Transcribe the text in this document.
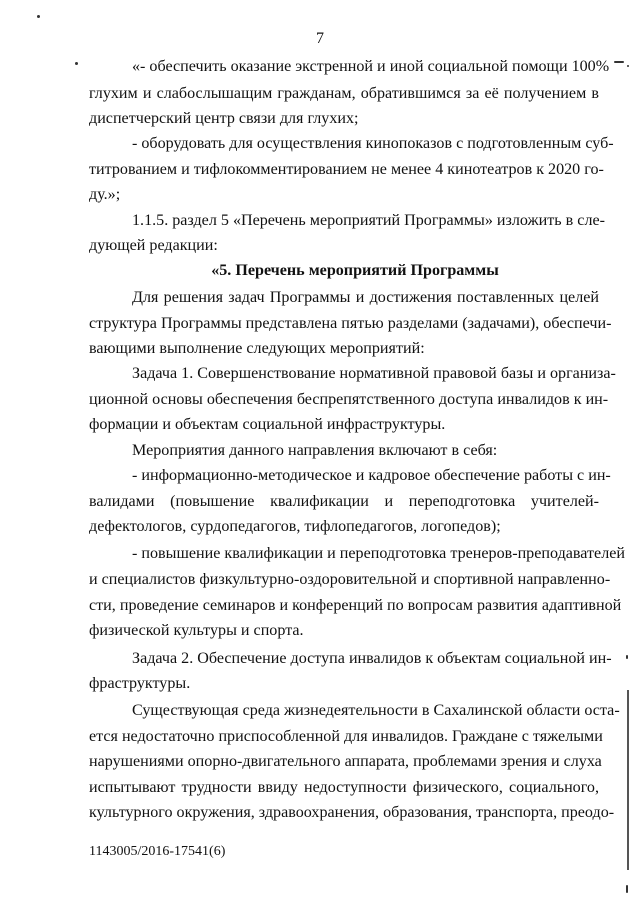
7
«- обеспечить оказание экстренной и иной социальной помощи 100%
глухим и слабослышащим гражданам, обратившимся за её получением в
диспетчерский центр связи для глухих;
- оборудовать для осуществления кинопоказов с подготовленным суб-
титрованием и тифлокомментированием не менее 4 кинотеатров к 2020 го-
ду.»;
1.1.5. раздел 5 «Перечень мероприятий Программы» изложить в сле-
дующей редакции:
«5. Перечень мероприятий Программы
Для решения задач Программы и достижения поставленных целей
структура Программы представлена пятью разделами (задачами), обеспечи-
вающими выполнение следующих мероприятий:
Задача 1. Совершенствование нормативной правовой базы и организа-
ционной основы обеспечения беспрепятственного доступа инвалидов к ин-
формации и объектам социальной инфраструктуры.
Мероприятия данного направления включают в себя:
- информационно-методическое и кадровое обеспечение работы с ин-
валидами (повышение квалификации и переподготовка учителей-
дефектологов, сурдопедагогов, тифлопедагогов, логопедов);
- повышение квалификации и переподготовка тренеров-преподавателей
и специалистов физкультурно-оздоровительной и спортивной направленно-
сти, проведение семинаров и конференций по вопросам развития адаптивной
физической культуры и спорта.
Задача 2. Обеспечение доступа инвалидов к объектам социальной ин-
фраструктуры.
Существующая среда жизнедеятельности в Сахалинской области оста-
ется недостаточно приспособленной для инвалидов. Граждане с тяжелыми
нарушениями опорно-двигательного аппарата, проблемами зрения и слуха
испытывают трудности ввиду недоступности физического, социального,
культурного окружения, здравоохранения, образования, транспорта, преодо-
1143005/2016-17541(6)
